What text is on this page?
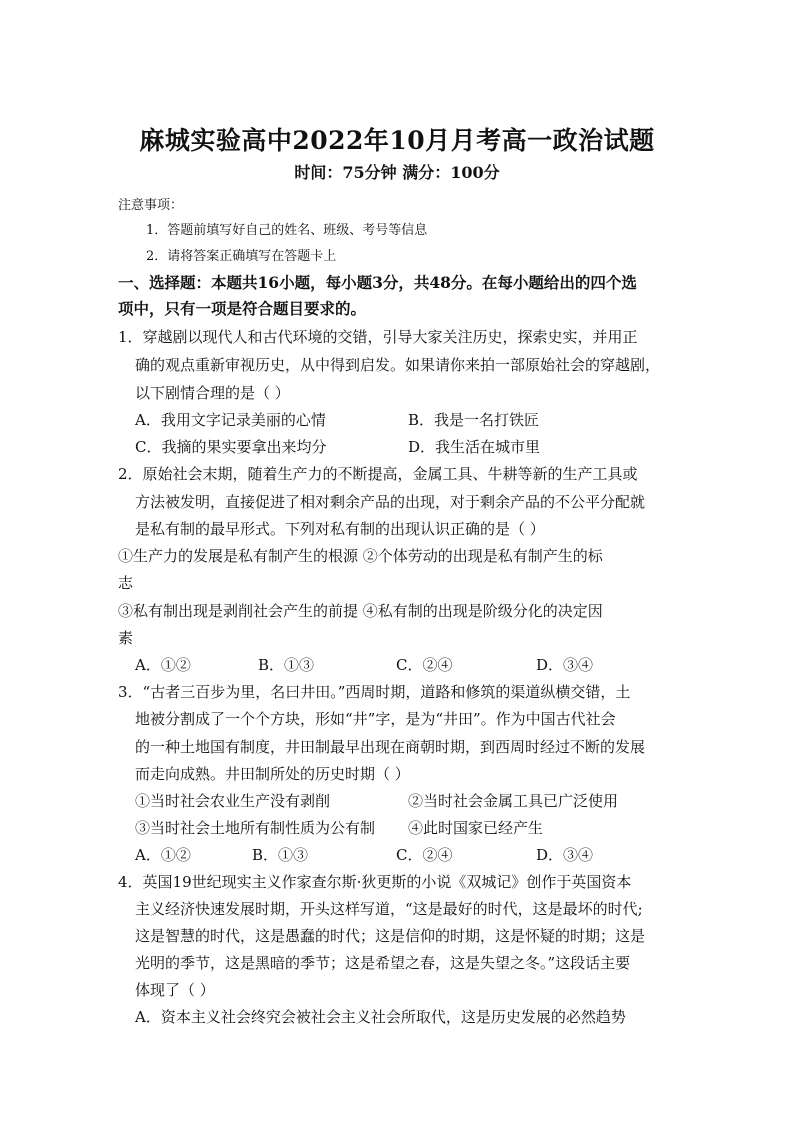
麻城实验高中2022年10月月考高一政治试题
时间：75分钟 满分：100分
注意事项：
1．答题前填写好自己的姓名、班级、考号等信息
2．请将答案正确填写在答题卡上
一、选择题：本题共16小题，每小题3分，共48分。在每小题给出的四个选
项中，只有一项是符合题目要求的。
1．穿越剧以现代人和古代环境的交错，引导大家关注历史，探索史实，并用正
确的观点重新审视历史，从中得到启发。如果请你来拍一部原始社会的穿越剧，
以下剧情合理的是（ ）
A．我用文字记录美丽的心情	B．我是一名打铁匠
C．我摘的果实要拿出来均分	D．我生活在城市里
2．原始社会末期，随着生产力的不断提高，金属工具、牛耕等新的生产工具或
方法被发明，直接促进了相对剩余产品的出现，对于剩余产品的不公平分配就
是私有制的最早形式。下列对私有制的出现认识正确的是（ ）
①生产力的发展是私有制产生的根源 ②个体劳动的出现是私有制产生的标
志
③私有制出现是剥削社会产生的前提 ④私有制的出现是阶级分化的决定因
素
A．①②	B．①③	C．②④	D．③④
3．“古者三百步为里，名曰井田。”西周时期，道路和修筑的渠道纵横交错，土
地被分割成了一个个方块，形如“井”字，是为“井田”。作为中国古代社会
的一种土地国有制度，井田制最早出现在商朝时期，到西周时经过不断的发展
而走向成熟。井田制所处的历史时期（ ）
①当时社会农业生产没有剥削	②当时社会金属工具已广泛使用
③当时社会土地所有制性质为公有制 ④此时国家已经产生
A．①②	B．①③	C．②④	D．③④
4．英国19世纪现实主义作家查尔斯·狄更斯的小说《双城记》创作于英国资本
主义经济快速发展时期，开头这样写道，“这是最好的时代，这是最坏的时代;
这是智慧的时代，这是愚蠢的时代；这是信仰的时期，这是怀疑的时期；这是
光明的季节，这是黑暗的季节；这是希望之春，这是失望之冬。”这段话主要
体现了（ ）
A．资本主义社会终究会被社会主义社会所取代，这是历史发展的必然趋势
